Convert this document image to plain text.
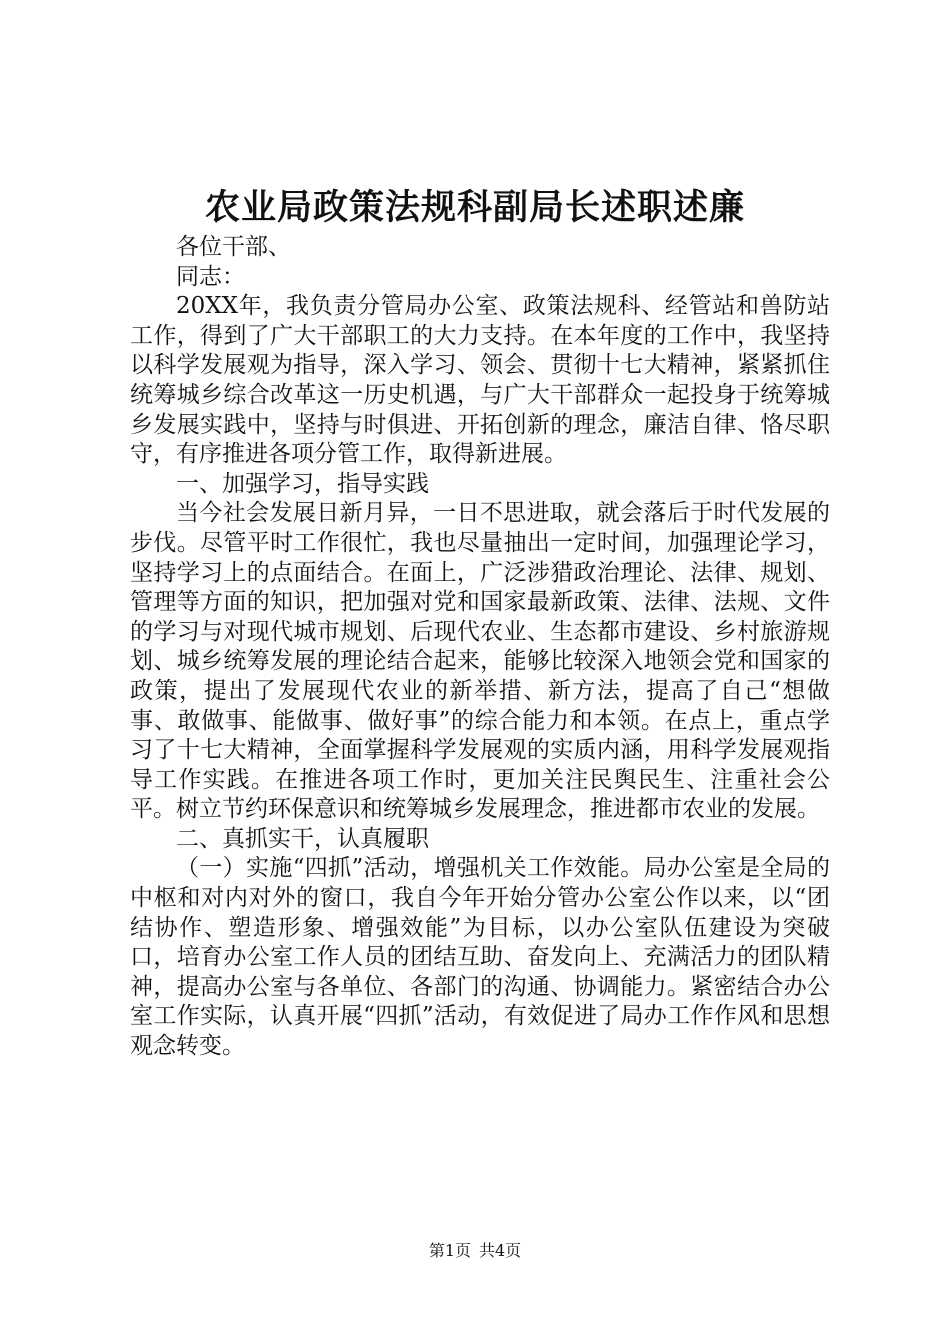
农业局政策法规科副局长述职述廉

各位干部、

同志：

20XX年，我负责分管局办公室、政策法规科、经管站和兽防站工作，得到了广大干部职工的大力支持。在本年度的工作中，我坚持以科学发展观为指导，深入学习、领会、贯彻十七大精神，紧紧抓住统筹城乡综合改革这一历史机遇，与广大干部群众一起投身于统筹城乡发展实践中，坚持与时俱进、开拓创新的理念，廉洁自律、恪尽职守，有序推进各项分管工作，取得新进展。

一、加强学习，指导实践

当今社会发展日新月异，一日不思进取，就会落后于时代发展的步伐。尽管平时工作很忙，我也尽量抽出一定时间，加强理论学习，坚持学习上的点面结合。在面上，广泛涉猎政治理论、法律、规划、管理等方面的知识，把加强对党和国家最新政策、法律、法规、文件的学习与对现代城市规划、后现代农业、生态都市建设、乡村旅游规划、城乡统筹发展的理论结合起来，能够比较深入地领会党和国家的政策，提出了发展现代农业的新举措、新方法，提高了自己“想做事、敢做事、能做事、做好事”的综合能力和本领。在点上，重点学习了十七大精神，全面掌握科学发展观的实质内涵，用科学发展观指导工作实践。在推进各项工作时，更加关注民舆民生、注重社会公平。树立节约环保意识和统筹城乡发展理念，推进都市农业的发展。

二、真抓实干，认真履职

（一）实施“四抓”活动，增强机关工作效能。局办公室是全局的中枢和对内对外的窗口，我自今年开始分管办公室公作以来，以“团结协作、塑造形象、增强效能”为目标，以办公室队伍建设为突破口，培育办公室工作人员的团结互助、奋发向上、充满活力的团队精神，提高办公室与各单位、各部门的沟通、协调能力。紧密结合办公室工作实际，认真开展“四抓”活动，有效促进了局办工作作风和思想观念转变。

第1页 共4页
